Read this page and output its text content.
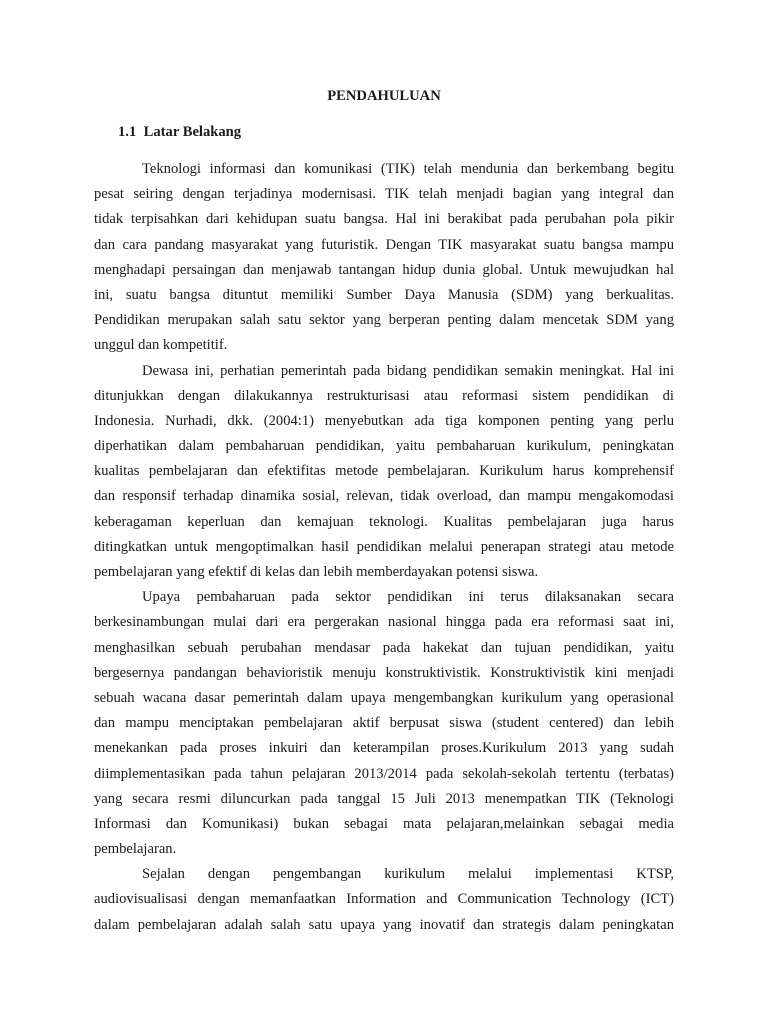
PENDAHULUAN
1.1 Latar Belakang
Teknologi informasi dan komunikasi (TIK) telah mendunia dan berkembang begitu
pesat seiring dengan terjadinya modernisasi. TIK telah menjadi bagian yang integral dan
tidak terpisahkan dari kehidupan suatu bangsa. Hal ini berakibat pada perubahan pola pikir
dan cara pandang masyarakat yang futuristik. Dengan TIK masyarakat suatu bangsa mampu
menghadapi persaingan dan menjawab tantangan hidup dunia global. Untuk mewujudkan hal
ini, suatu bangsa dituntut memiliki Sumber Daya Manusia (SDM) yang berkualitas.
Pendidikan merupakan salah satu sektor yang berperan penting dalam mencetak SDM yang
unggul dan kompetitif.
Dewasa ini, perhatian pemerintah pada bidang pendidikan semakin meningkat. Hal ini
ditunjukkan dengan dilakukannya restrukturisasi atau reformasi sistem pendidikan di
Indonesia. Nurhadi, dkk. (2004:1) menyebutkan ada tiga komponen penting yang perlu
diperhatikan dalam pembaharuan pendidikan, yaitu pembaharuan kurikulum, peningkatan
kualitas pembelajaran dan efektifitas metode pembelajaran. Kurikulum harus komprehensif
dan responsif terhadap dinamika sosial, relevan, tidak overload, dan mampu mengakomodasi
keberagaman keperluan dan kemajuan teknologi. Kualitas pembelajaran juga harus
ditingkatkan untuk mengoptimalkan hasil pendidikan melalui penerapan strategi atau metode
pembelajaran yang efektif di kelas dan lebih memberdayakan potensi siswa.
Upaya pembaharuan pada sektor pendidikan ini terus dilaksanakan secara
berkesinambungan mulai dari era pergerakan nasional hingga pada era reformasi saat ini,
menghasilkan sebuah perubahan mendasar pada hakekat dan tujuan pendidikan, yaitu
bergesernya pandangan behavioristik menuju konstruktivistik. Konstruktivistik kini menjadi
sebuah wacana dasar pemerintah dalam upaya mengembangkan kurikulum yang operasional
dan mampu menciptakan pembelajaran aktif berpusat siswa (student centered) dan lebih
menekankan pada proses inkuiri dan keterampilan proses.Kurikulum 2013 yang sudah
diimplementasikan pada tahun pelajaran 2013/2014 pada sekolah-sekolah tertentu (terbatas)
yang secara resmi diluncurkan pada tanggal 15 Juli 2013 menempatkan TIK (Teknologi
Informasi dan Komunikasi) bukan sebagai mata pelajaran,melainkan sebagai media
pembelajaran.
Sejalan dengan pengembangan kurikulum melalui implementasi KTSP,
audiovisualisasi dengan memanfaatkan Information and Communication Technology (ICT)
dalam pembelajaran adalah salah satu upaya yang inovatif dan strategis dalam peningkatan
